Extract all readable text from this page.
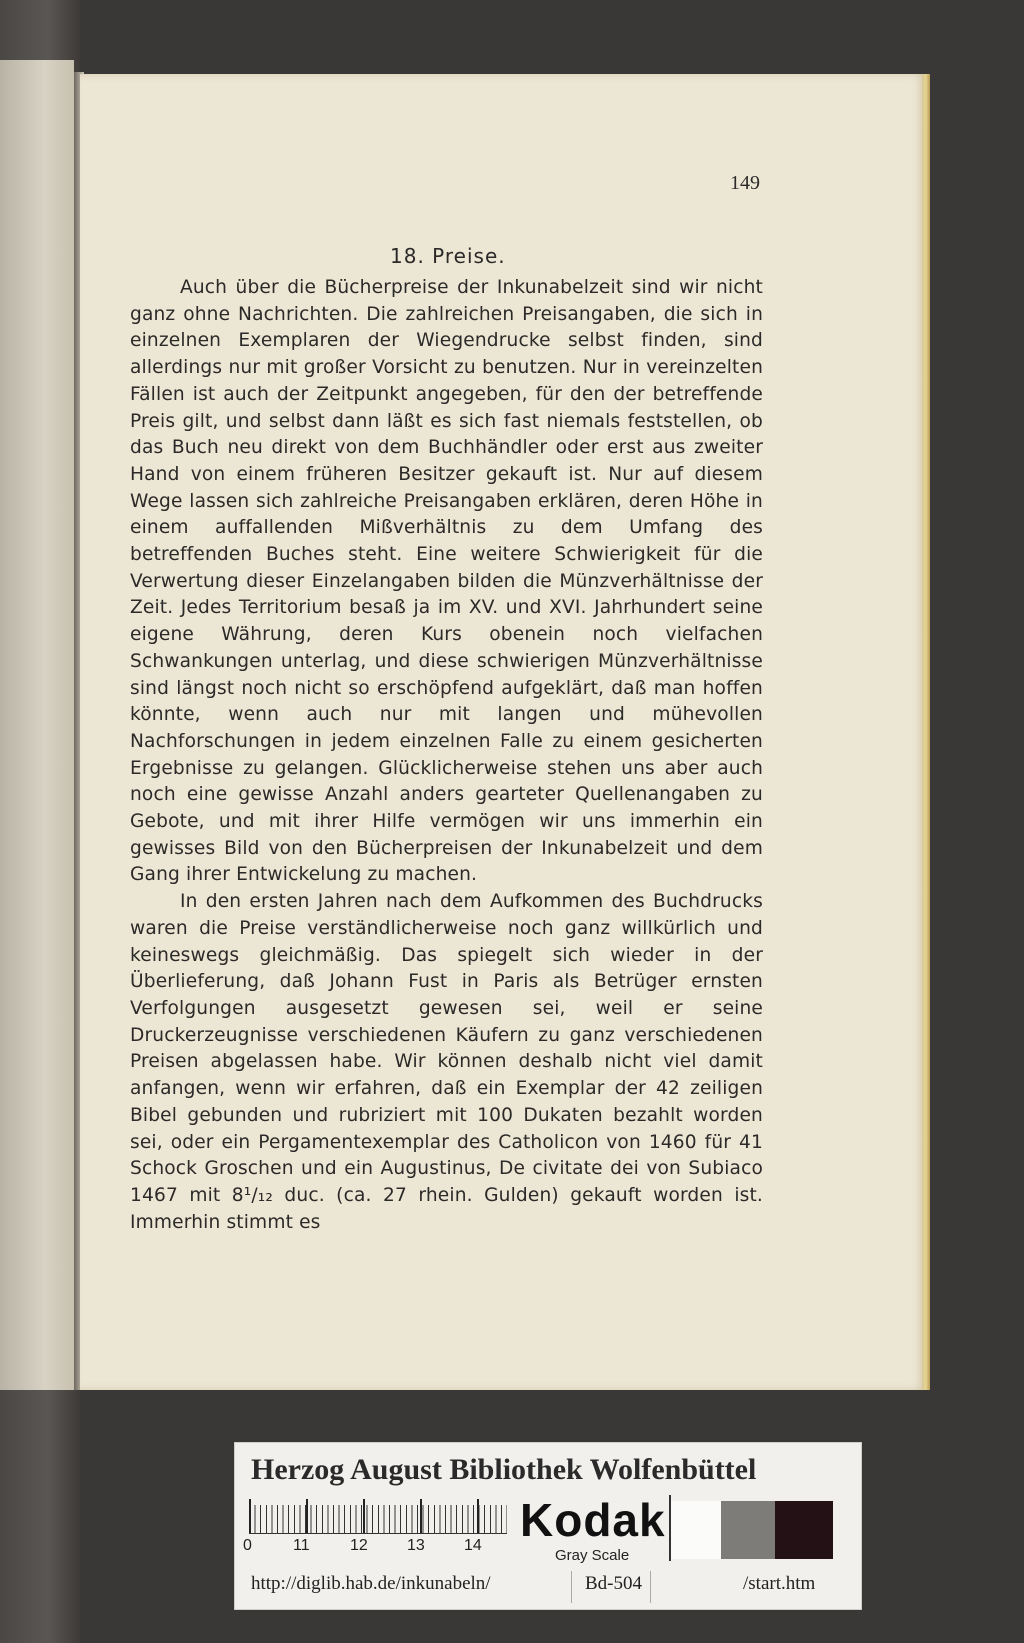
149
18. Preise.

Auch über die Bücherpreise der Inkunabelzeit sind wir nicht ganz ohne Nachrichten. Die zahlreichen Preisangaben, die sich in einzelnen Exemplaren der Wiegendrucke selbst finden, sind allerdings nur mit großer Vorsicht zu benutzen. Nur in vereinzelten Fällen ist auch der Zeitpunkt angegeben, für den der betreffende Preis gilt, und selbst dann läßt es sich fast niemals feststellen, ob das Buch neu direkt von dem Buchhändler oder erst aus zweiter Hand von einem früheren Besitzer gekauft ist. Nur auf diesem Wege lassen sich zahlreiche Preisangaben erklären, deren Höhe in einem auffallenden Mißverhältnis zu dem Umfang des betreffenden Buches steht. Eine weitere Schwierigkeit für die Verwertung dieser Einzelangaben bilden die Münzverhältnisse der Zeit. Jedes Territorium besaß ja im XV. und XVI. Jahrhundert seine eigene Währung, deren Kurs obenein noch vielfachen Schwankungen unterlag, und diese schwierigen Münzverhältnisse sind längst noch nicht so erschöpfend aufgeklärt, daß man hoffen könnte, wenn auch nur mit langen und mühevollen Nachforschungen in jedem einzelnen Falle zu einem gesicherten Ergebnisse zu gelangen. Glücklicherweise stehen uns aber auch noch eine gewisse Anzahl anders gearteter Quellenangaben zu Gebote, und mit ihrer Hilfe vermögen wir uns immerhin ein gewisses Bild von den Bücherpreisen der Inkunabelzeit und dem Gang ihrer Entwickelung zu machen.

In den ersten Jahren nach dem Aufkommen des Buchdrucks waren die Preise verständlicherweise noch ganz willkürlich und keineswegs gleichmäßig. Das spiegelt sich wieder in der Überlieferung, daß Johann Fust in Paris als Betrüger ernsten Verfolgungen ausgesetzt gewesen sei, weil er seine Druckerzeugnisse verschiedenen Käufern zu ganz verschiedenen Preisen abgelassen habe. Wir können deshalb nicht viel damit anfangen, wenn wir erfahren, daß ein Exemplar der 42 zeiligen Bibel gebunden und rubriziert mit 100 Dukaten bezahlt worden sei, oder ein Pergamentexemplar des Catholicon von 1460 für 41 Schock Groschen und ein Augustinus, De civitate dei von Subiaco 1467 mit 8¹/₁₂ duc. (ca. 27 rhein. Gulden) gekauft worden ist. Immerhin stimmt es

Herzog August Bibliothek Wolfenbüttel
0	11	12 13 14 Kodak
Gray Scale
http://diglib.hab.de/inkunabeln/	Bd-504	/start.htm
